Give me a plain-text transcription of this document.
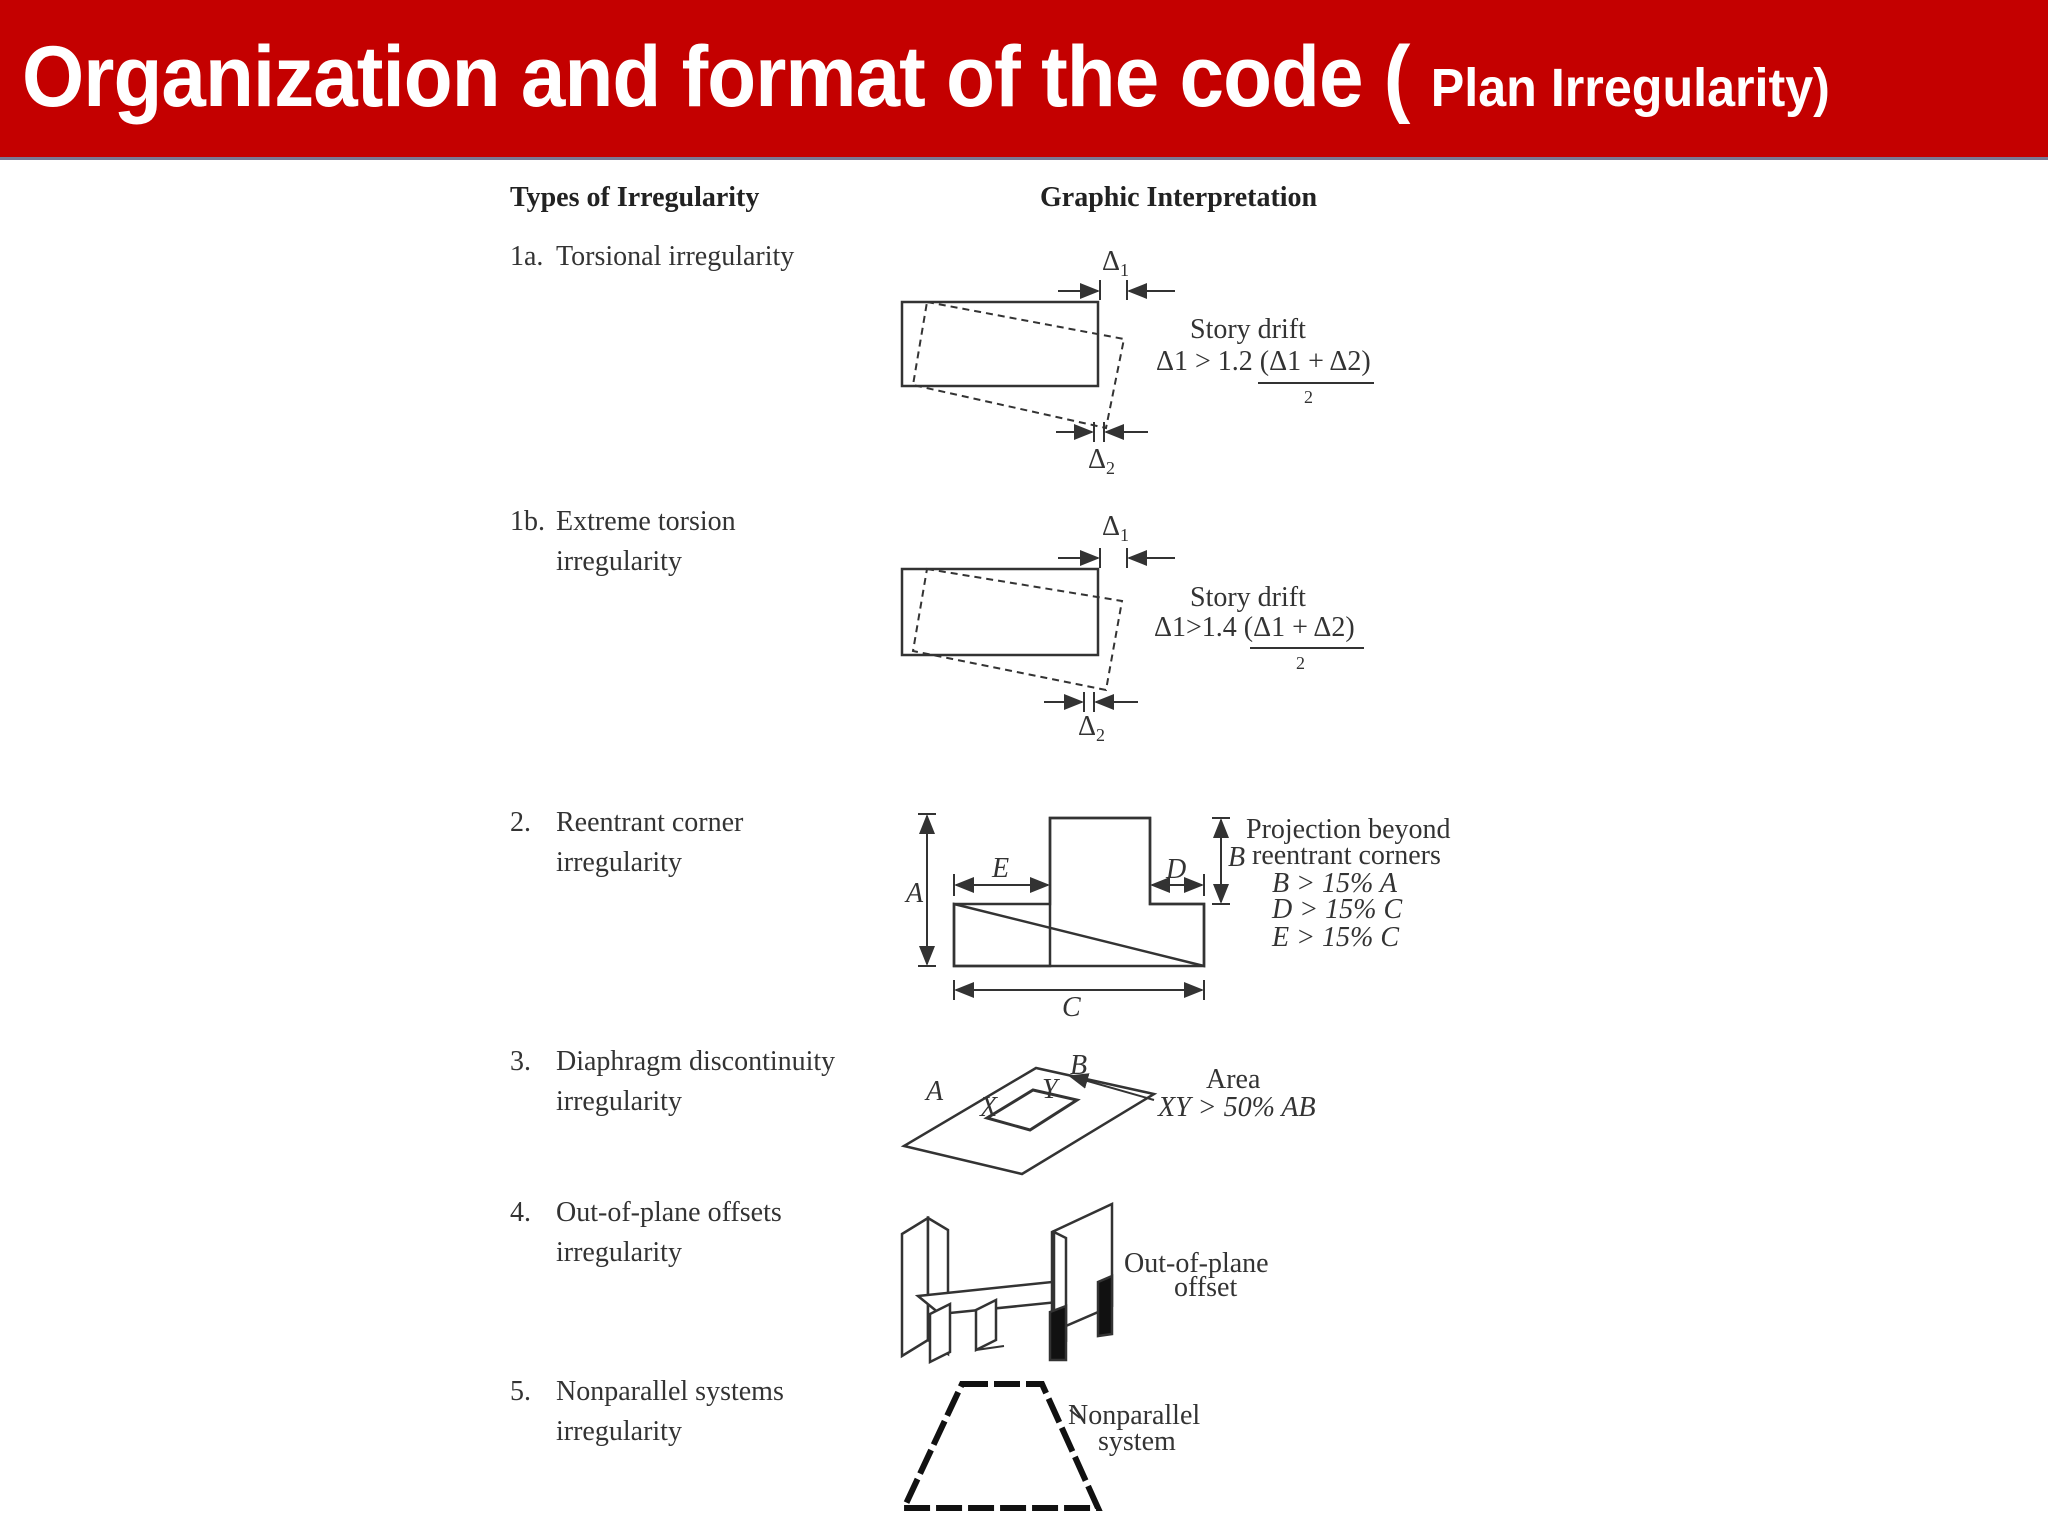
Organization and format of the code ( Plan Irregularity)
Types of Irregularity	Graphic Interpretation
1a. Torsional irregularity
1b. Extreme torsion
irregularity
2. Reentrant corner
irregularity
3. Diaphragm discontinuity
irregularity
4. Out-of-plane offsets
irregularity
5. Nonparallel systems
irregularity
$\Delta_1$
$\Delta_2$
Story drift
Δ1 > 1.2 (Δ1 + Δ2)
2
$\Delta_1$
$\Delta_2$
Story drift
Δ1>1.4 (Δ1 + Δ2)
2
A
B
C
D
E
Projection beyond
reentrant corners
B > 15% A
D > 15% C
E > 15% C
A
B
X
Y	Area
XY > 50% AB
Out-of-plane
offset
Nonparallel
system
